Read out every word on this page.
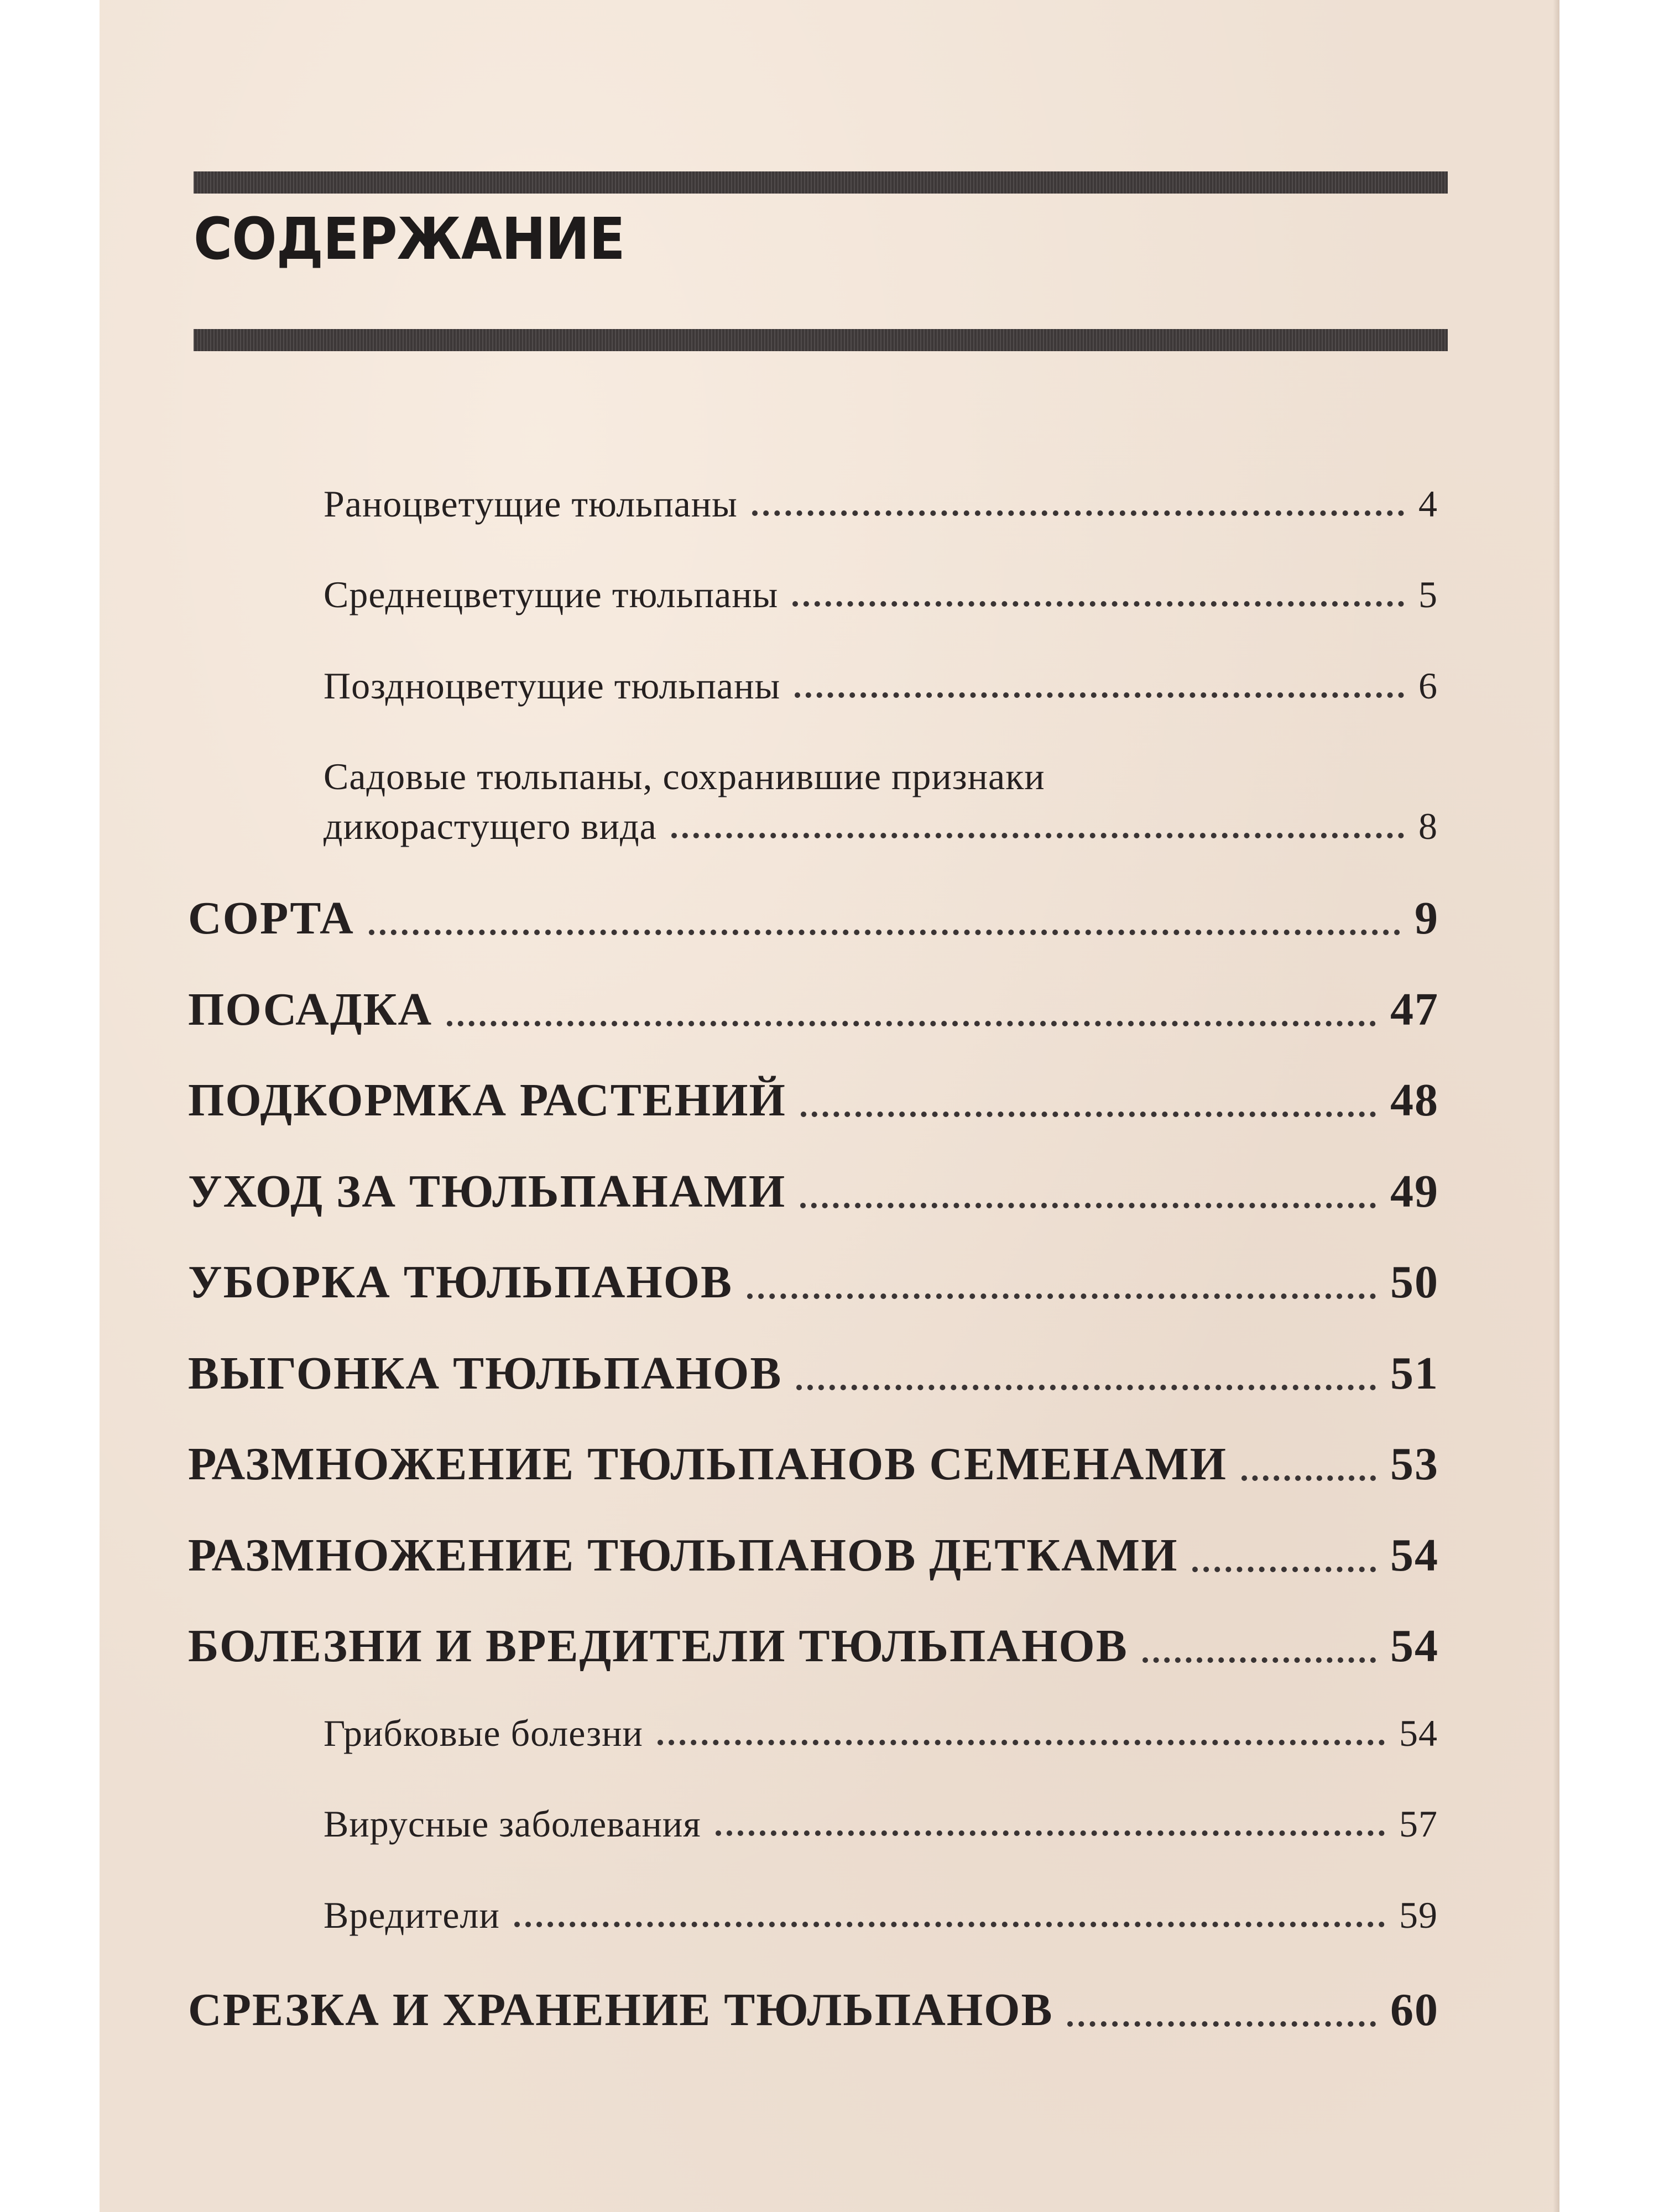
СОДЕРЖАНИЕ
Раноцветущие тюльпаны	4
Среднецветущие тюльпаны	5
Позднoцветущие тюльпаны	6
Садовые тюльпаны, сохранившие признаки
дикорастущего вида	8
СОРТА	9
ПОСАДКА	47
ПОДКОРМКА РАСТЕНИЙ	48
УХОД ЗА ТЮЛЬПАНАМИ	49
УБОРКА ТЮЛЬПАНОВ	50
ВЫГОНКА ТЮЛЬПАНОВ	51
РАЗМНОЖЕНИЕ ТЮЛЬПАНОВ СЕМЕНАМИ	53
РАЗМНОЖЕНИЕ ТЮЛЬПАНОВ ДЕТКАМИ	54
БОЛЕЗНИ И ВРЕДИТЕЛИ ТЮЛЬПАНОВ	54
Грибковые болезни	54
Вирусные заболевания	57
Вредители	59
СРЕЗКА И ХРАНЕНИЕ ТЮЛЬПАНОВ	60
